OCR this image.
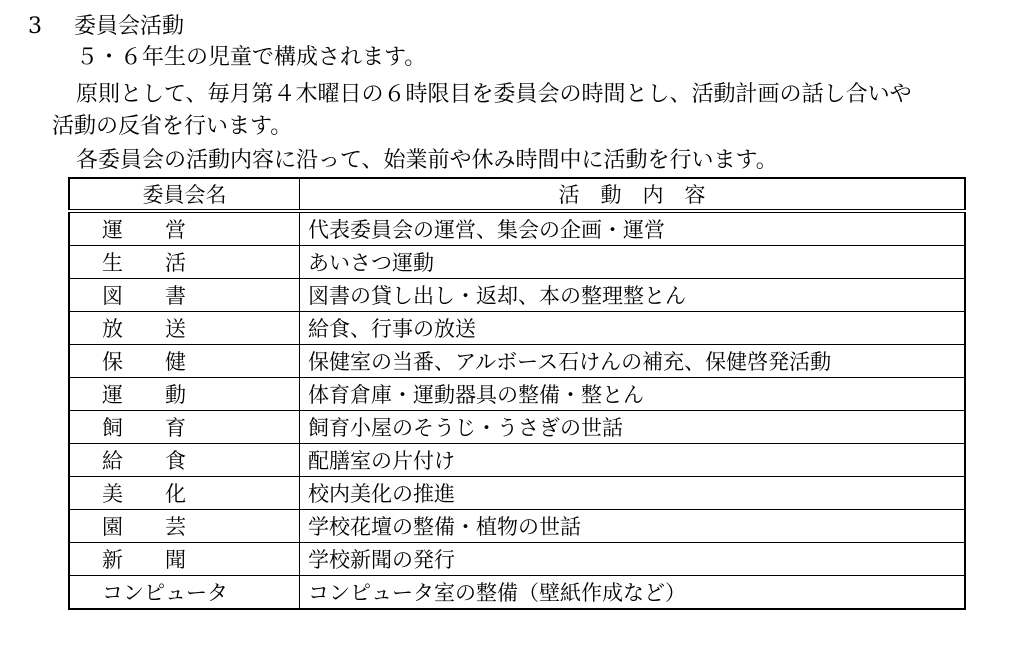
3 委員会活動
５・６年生の児童で構成されます。
原則として、毎月第４木曜日の６時限目を委員会の時間とし、活動計画の話し合いや
活動の反省を行います。
各委員会の活動内容に沿って、始業前や休み時間中に活動を行います。
委員会名	活　動　内　容
運 営	代表委員会の運営、集会の企画・運営
生 活	あいさつ運動
図 書	図書の貸し出し・返却、本の整理整とん
放 送	給食、行事の放送
保 健	保健室の当番、アルボース石けんの補充、保健啓発活動
運 動	体育倉庫・運動器具の整備・整とん
飼 育	飼育小屋のそうじ・うさぎの世話
給 食	配膳室の片付け
美 化	校内美化の推進
園 芸	学校花壇の整備・植物の世話
新 聞	学校新聞の発行
コンピュータ	コンピュータ室の整備（壁紙作成など）
